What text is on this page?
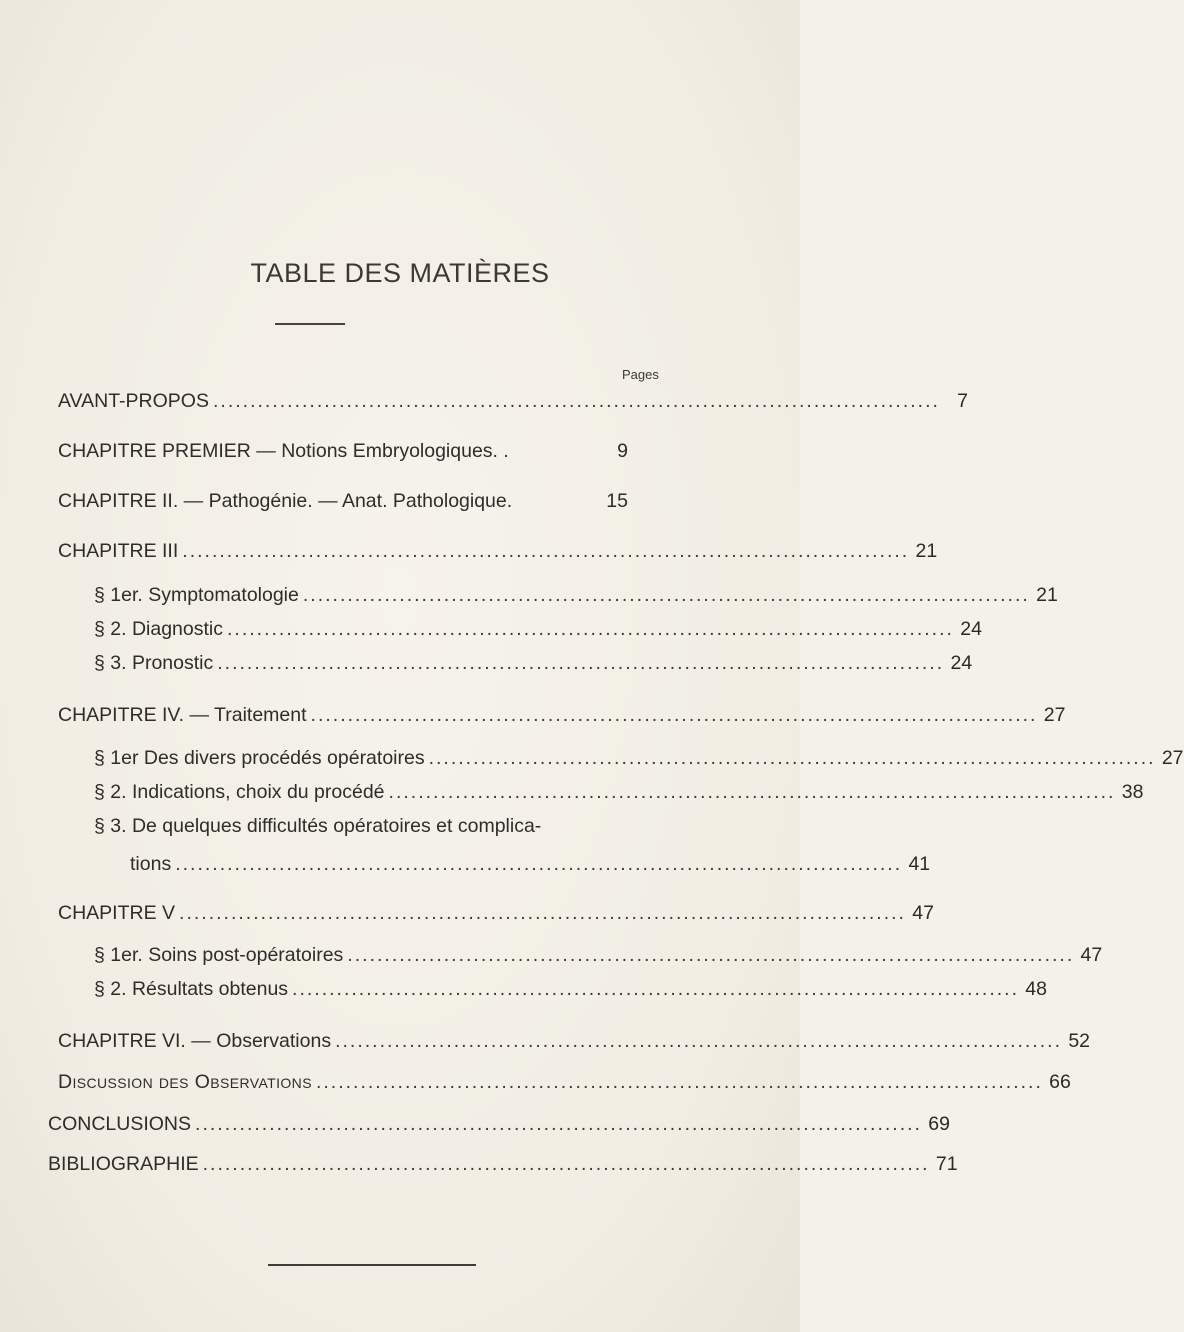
TABLE DES MATIÈRES
Pages
AVANT-PROPOS .................................................................................................. 7
CHAPITRE PREMIER — Notions Embryologiques. .	9
CHAPITRE II. — Pathogénie. — Anat. Pathologique.	15
CHAPITRE III .................................................................................................. 21
§ 1er. Symptomatologie .................................................................................................. 21
§ 2. Diagnostic .................................................................................................. 24
§ 3. Pronostic .................................................................................................. 24
CHAPITRE IV. — Traitement .................................................................................................. 27
§ 1er Des divers procédés opératoires .................................................................................................. 27
§ 2. Indications, choix du procédé .................................................................................................. 38
§ 3. De quelques difficultés opératoires et complica-
tions .................................................................................................. 41
CHAPITRE V .................................................................................................. 47
§ 1er. Soins post-opératoires .................................................................................................. 47
§ 2. Résultats obtenus .................................................................................................. 48
CHAPITRE VI. — Observations .................................................................................................. 52
Discussion des Observations .................................................................................................. 66
CONCLUSIONS .................................................................................................. 69
BIBLIOGRAPHIE .................................................................................................. 71
